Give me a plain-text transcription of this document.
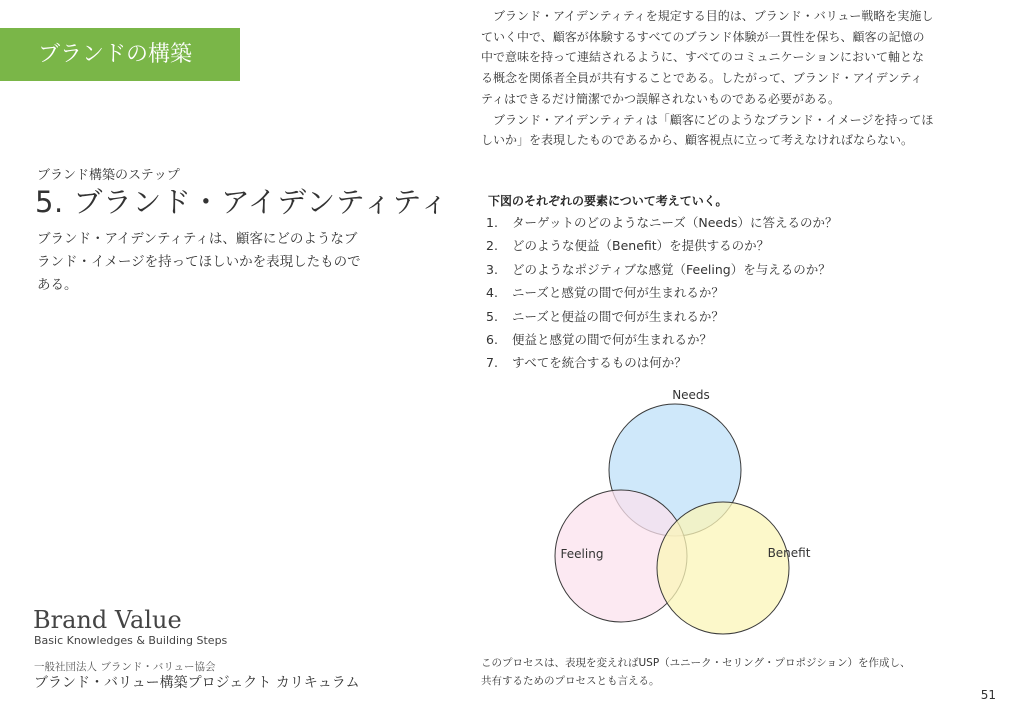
ブランドの構築
ブランド構築のステップ
5. ブランド・アイデンティティ
ブランド・アイデンティティは、顧客にどのようなブ
ランド・イメージを持ってほしいかを表現したもので
ある。
　ブランド・アイデンティティを規定する目的は、ブランド・バリュー戦略を実施し
ていく中で、顧客が体験するすべてのブランド体験が一貫性を保ち、顧客の記憶の
中で意味を持って連結されるように、すべてのコミュニケーションにおいて軸とな
る概念を関係者全員が共有することである。したがって、ブランド・アイデンティ
ティはできるだけ簡潔でかつ誤解されないものである必要がある。
　ブランド・アイデンティティは「顧客にどのようなブランド・イメージを持ってほ
しいか」を表現したものであるから、顧客視点に立って考えなければならない。
下図のそれぞれの要素について考えていく。
1. ターゲットのどのようなニーズ（Needs）に答えるのか？
2. どのような便益（Benefit）を提供するのか？
3. どのようなポジティブな感覚（Feeling）を与えるのか？
4. ニーズと感覚の間で何が生まれるか？
5. ニーズと便益の間で何が生まれるか？
6. 便益と感覚の間で何が生まれるか？
7. すべてを統合するものは何か？
Needs
Feeling	Benefit
このプロセスは、表現を変えればUSP（ユニーク・セリング・プロポジション）を作成し、
共有するためのプロセスとも言える。
Brand Value
Basic Knowledges & Building Steps
一般社団法人 ブランド・バリュー協会
ブランド・バリュー構築プロジェクト カリキュラム
51
